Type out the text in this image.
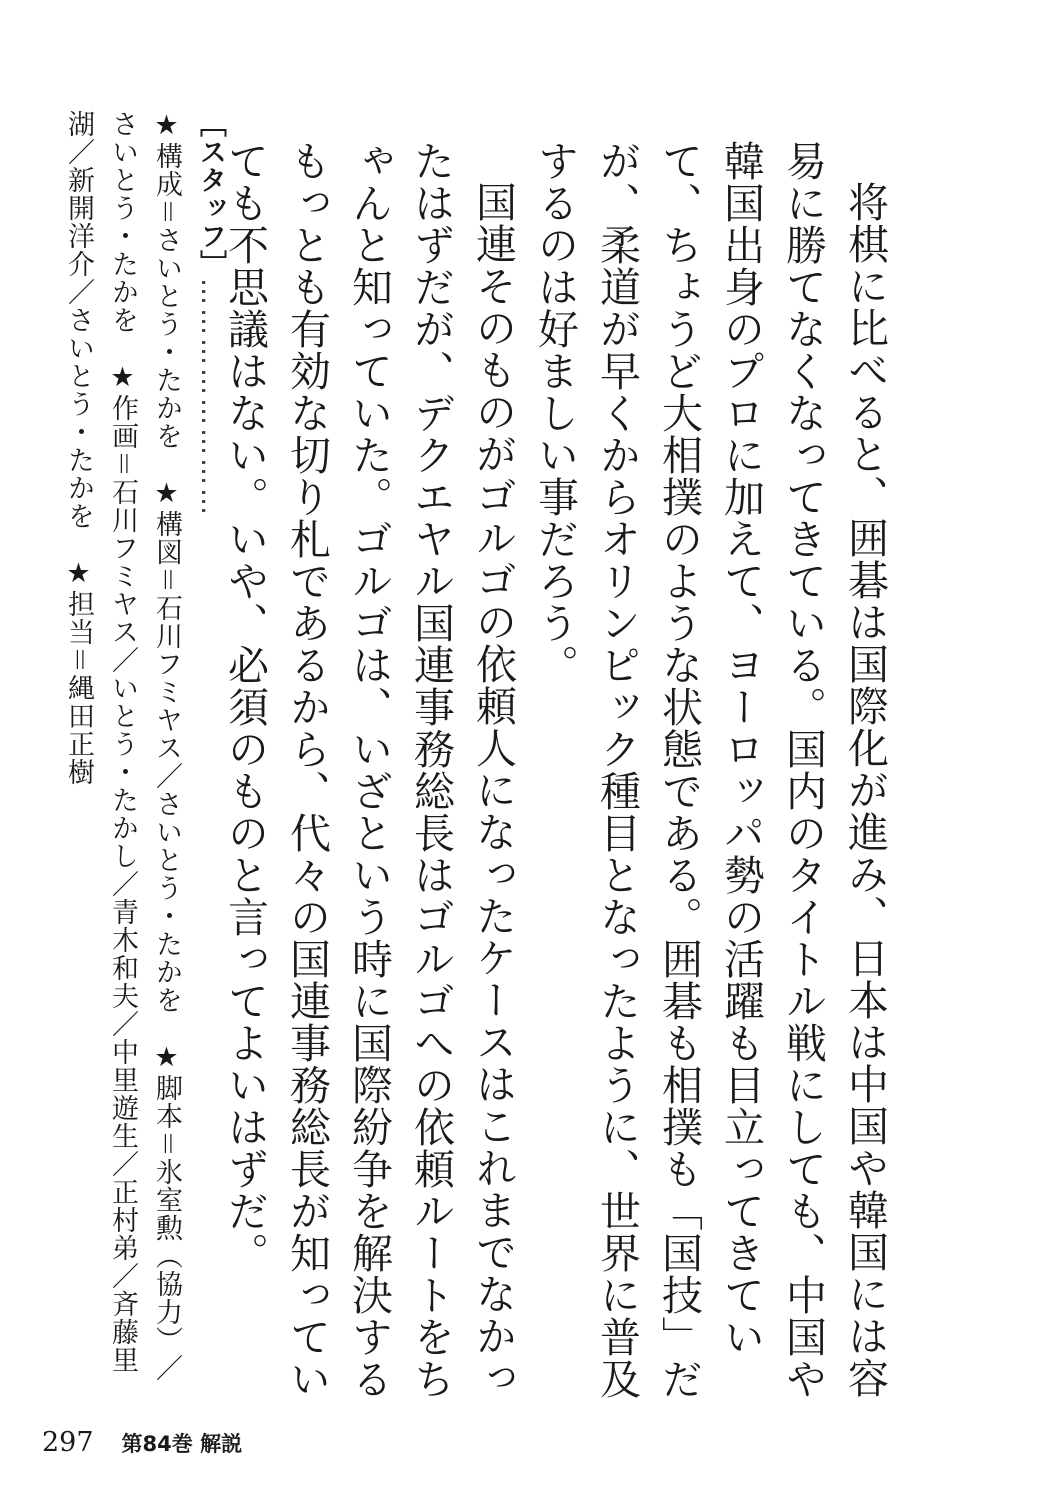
将棋に比べると、囲碁は国際化が進み、日本は中国や韓国には容易に勝てなくなってきている。国内のタイトル戦にしても、中国や韓国出身のプロに加えて、ヨーロッパ勢の活躍も目立ってきていて、ちょうど大相撲のような状態である。囲碁も相撲も「国技」だが、柔道が早くからオリンピック種目となったように、世界に普及するのは好ましい事だろう。

国連そのものがゴルゴの依頼人になったケースはこれまでなかったはずだが、デクエヤル国連事務総長はゴルゴへの依頼ルートをちゃんと知っていた。ゴルゴは、いざという時に国際紛争を解決するもっとも有効な切り札であるから、代々の国連事務総長が知っていても不思議はない。いや、必須のものと言ってよいはずだ。

［スタッフ］……………………
★構成＝さいとう・たかを　★構図＝石川フミヤス／さいとう・たかを　★脚本＝氷室勲（協力）／さいとう・たかを　★作画＝石川フミヤス／いとう・たかし／青木和夫／中里遊生／正村弟／斉藤里湖／新開洋介／さいとう・たかを　★担当＝縄田正樹
297 第84巻 解説
